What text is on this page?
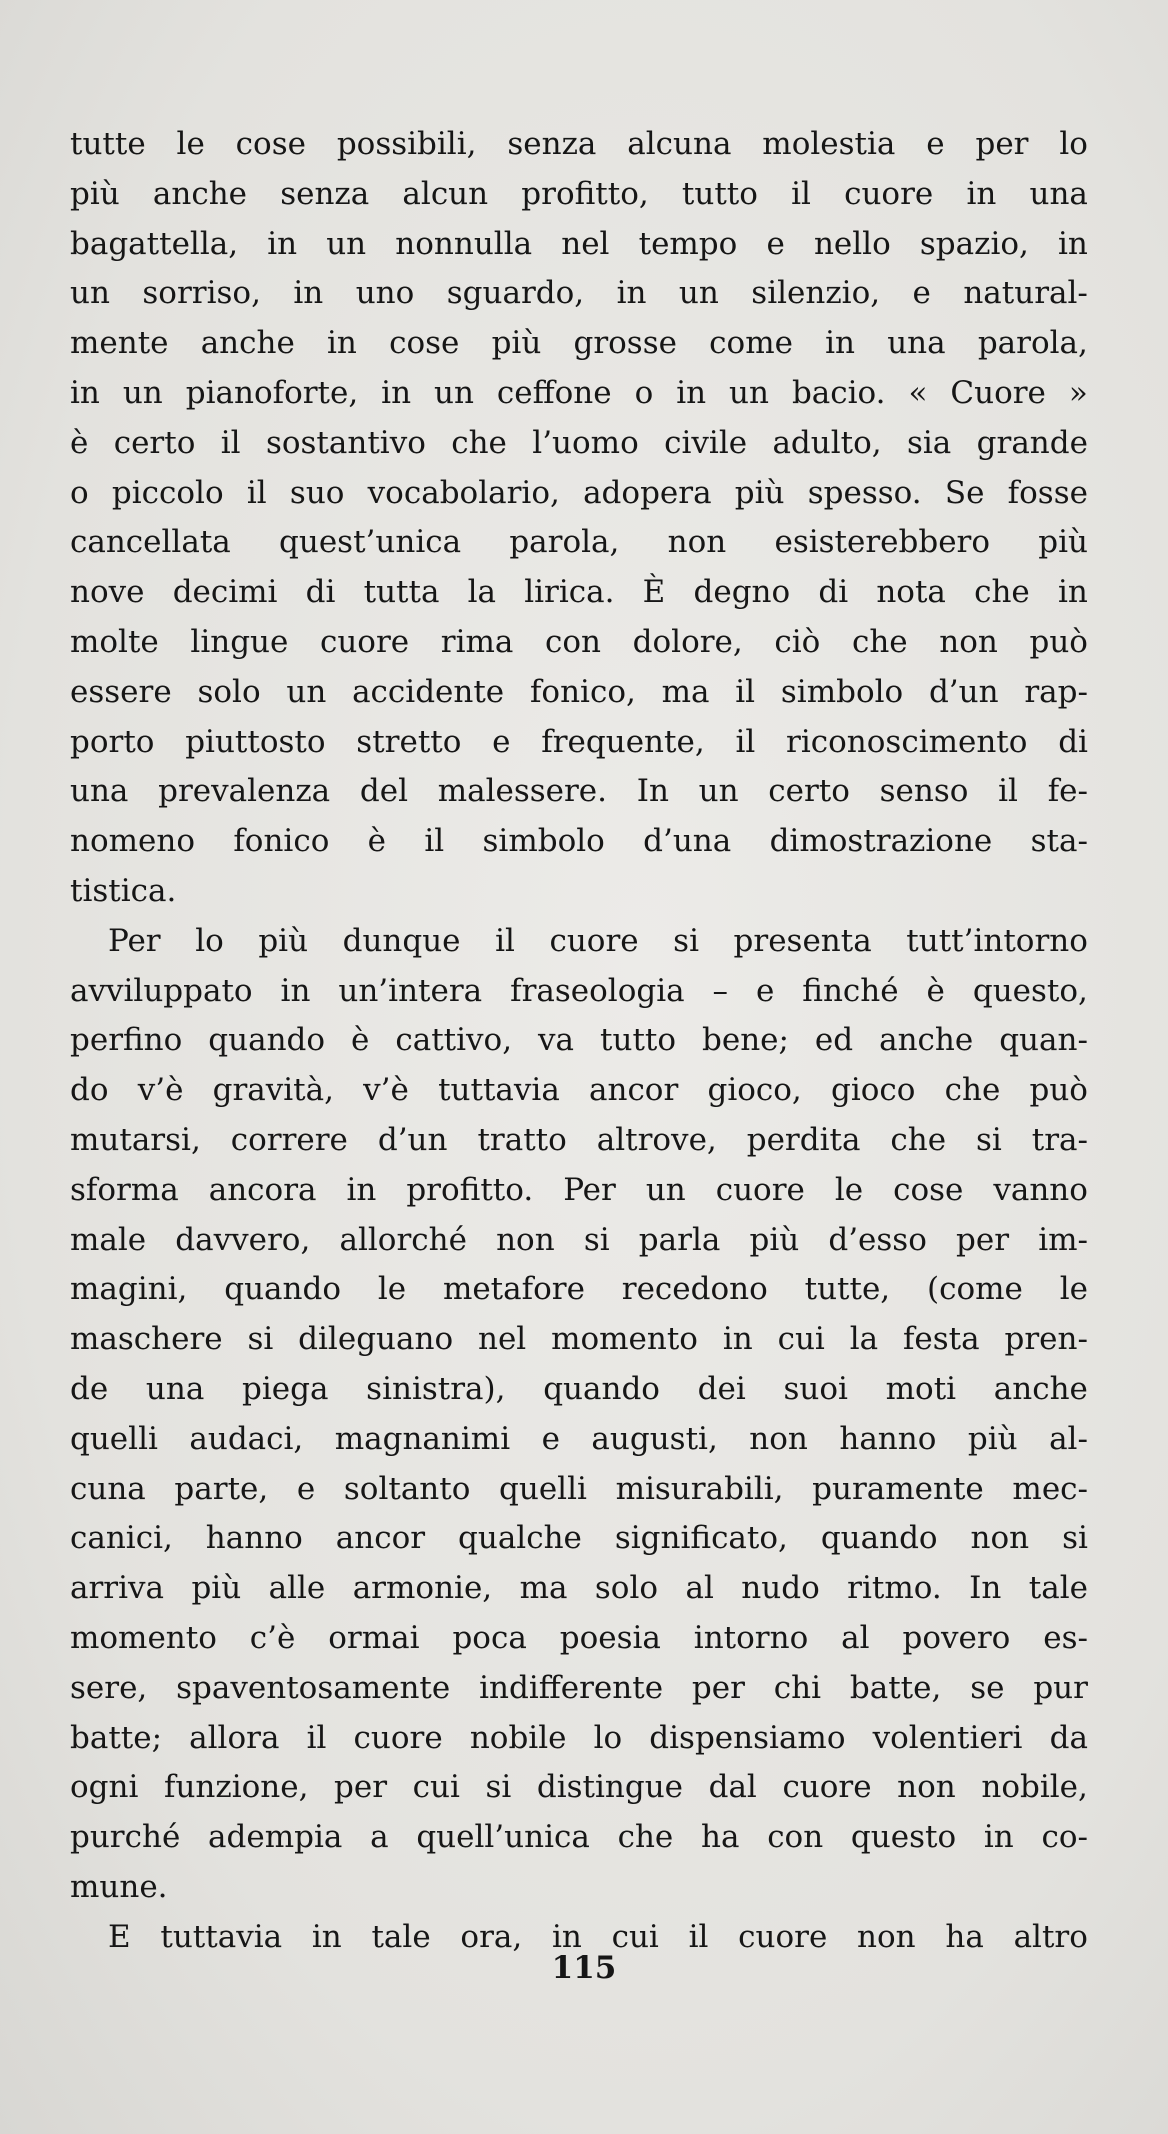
tutte le cose possibili, senza alcuna molestia e per lo
più anche senza alcun profitto, tutto il cuore in una
bagattella, in un nonnulla nel tempo e nello spazio, in
un sorriso, in uno sguardo, in un silenzio, e natural-
mente anche in cose più grosse come in una parola,
in un pianoforte, in un ceffone o in un bacio. « Cuore »
è certo il sostantivo che l’uomo civile adulto, sia grande
o piccolo il suo vocabolario, adopera più spesso. Se fosse
cancellata quest’unica parola, non esisterebbero più
nove decimi di tutta la lirica. È degno di nota che in
molte lingue cuore rima con dolore, ciò che non può
essere solo un accidente fonico, ma il simbolo d’un rap-
porto piuttosto stretto e frequente, il riconoscimento di
una prevalenza del malessere. In un certo senso il fe-
nomeno fonico è il simbolo d’una dimostrazione sta-
tistica.
Per lo più dunque il cuore si presenta tutt’intorno
avviluppato in un’intera fraseologia – e finché è questo,
perfino quando è cattivo, va tutto bene; ed anche quan-
do v’è gravità, v’è tuttavia ancor gioco, gioco che può
mutarsi, correre d’un tratto altrove, perdita che si tra-
sforma ancora in profitto. Per un cuore le cose vanno
male davvero, allorché non si parla più d’esso per im-
magini, quando le metafore recedono tutte, (come le
maschere si dileguano nel momento in cui la festa pren-
de una piega sinistra), quando dei suoi moti anche
quelli audaci, magnanimi e augusti, non hanno più al-
cuna parte, e soltanto quelli misurabili, puramente mec-
canici, hanno ancor qualche significato, quando non si
arriva più alle armonie, ma solo al nudo ritmo. In tale
momento c’è ormai poca poesia intorno al povero es-
sere, spaventosamente indifferente per chi batte, se pur
batte; allora il cuore nobile lo dispensiamo volentieri da
ogni funzione, per cui si distingue dal cuore non nobile,
purché adempia a quell’unica che ha con questo in co-
mune.
E tuttavia in tale ora, in cui il cuore non ha altro
115
